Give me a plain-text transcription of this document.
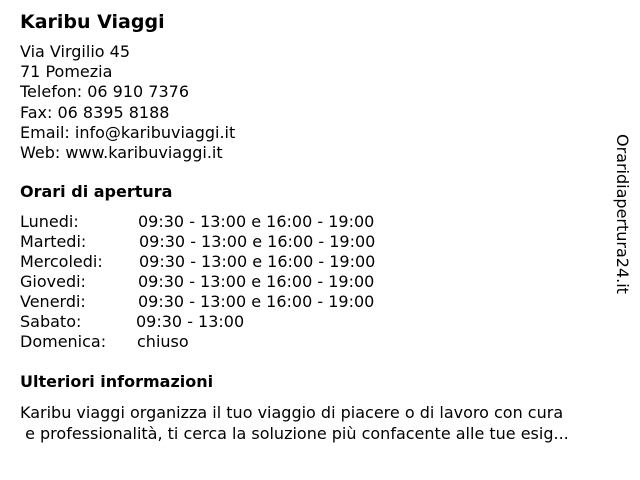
Karibu Viaggi
Via Virgilio 45
71 Pomezia
Telefon: 06 910 7376
Fax: 06 8395 8188
Email: info@karibuviaggi.it
Web: www.karibuviaggi.it
Orari di apertura
Lunedi:	09:30 - 13:00 e 16:00 - 19:00
Martedi:	09:30 - 13:00 e 16:00 - 19:00
Mercoledi: 09:30 - 13:00 e 16:00 - 19:00
Giovedi:	09:30 - 13:00 e 16:00 - 19:00
Venerdi:	09:30 - 13:00 e 16:00 - 19:00
Sabato:	09:30 - 13:00
Domenica: chiuso
Ulteriori informazioni
Karibu viaggi organizza il tuo viaggio di piacere o di lavoro con cura
e professionalità, ti cerca la soluzione più confacente alle tue esig...
Oraridiapertura24.it
